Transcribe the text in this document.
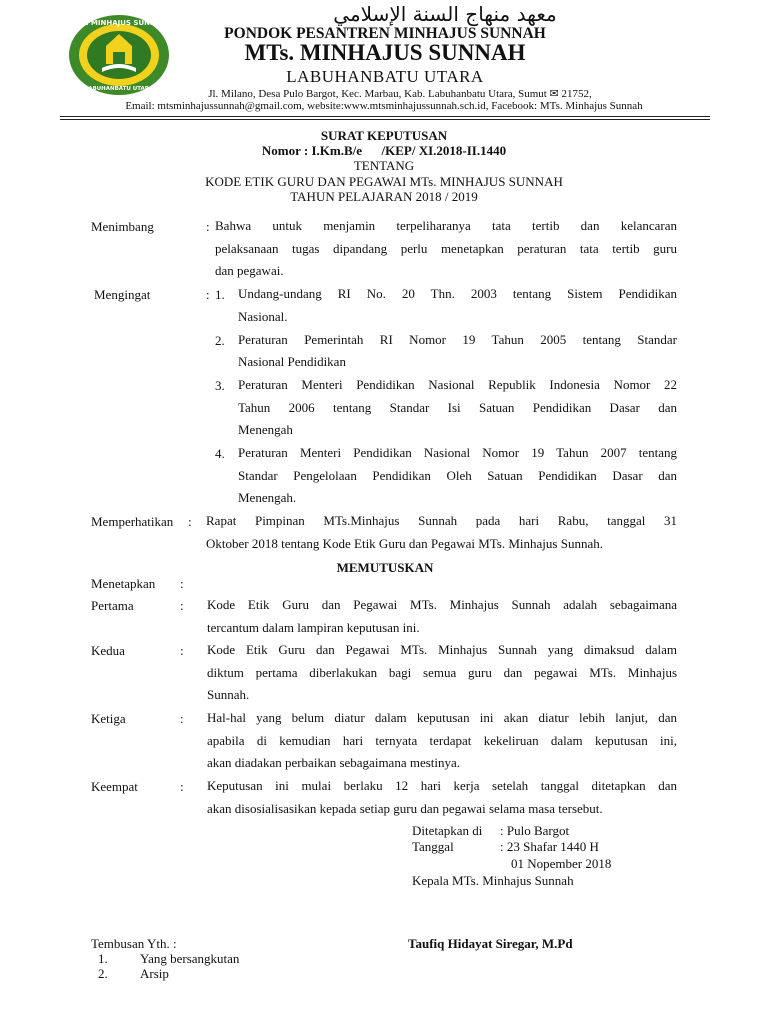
MTs. MINHAJUS SUNNAH
LABUHANBATU UTARA
معهد منهاج السنة الإسلامي
PONDOK PESANTREN MINHAJUS SUNNAH
MTs. MINHAJUS SUNNAH
LABUHANBATU UTARA
Jl. Milano, Desa Pulo Bargot, Kec. Marbau, Kab. Labuhanbatu Utara, Sumut ✉ 21752,
Email: mtsminhajussunnah@gmail.com, website:www.mtsminhajussunnah.sch.id, Facebook: MTs. Minhajus Sunnah
SURAT KEPUTUSAN
Nomor : I.Km.B/e      /KEP/ XI.2018-II.1440
TENTANG
KODE ETIK GURU DAN PEGAWAI MTs. MINHAJUS SUNNAH
TAHUN PELAJARAN 2018 / 2019
Menimbang	: Bahwa untuk menjamin terpeliharanya tata tertib dan kelancaran
pelaksanaan tugas dipandang perlu menetapkan peraturan tata tertib guru
dan pegawai.
Mengingat	: 1. Undang-undang RI No. 20 Thn. 2003 tentang Sistem Pendidikan
Nasional.
2. Peraturan Pemerintah RI Nomor 19 Tahun 2005 tentang Standar
Nasional Pendidikan
3. Peraturan Menteri Pendidikan Nasional Republik Indonesia Nomor 22
Tahun 2006 tentang Standar Isi Satuan Pendidikan Dasar dan
Menengah
4. Peraturan Menteri Pendidikan Nasional Nomor 19 Tahun 2007 tentang
Standar Pengelolaan Pendidikan Oleh Satuan Pendidikan Dasar dan
Menengah.
Memperhatikan : Rapat Pimpinan MTs.Minhajus Sunnah pada hari Rabu, tanggal 31
Oktober 2018 tentang Kode Etik Guru dan Pegawai MTs. Minhajus Sunnah.
MEMUTUSKAN
Menetapkan :
Pertama	: Kode Etik Guru dan Pegawai MTs. Minhajus Sunnah adalah sebagaimana
tercantum dalam lampiran keputusan ini.
Kedua	: Kode Etik Guru dan Pegawai MTs. Minhajus Sunnah yang dimaksud dalam
diktum pertama diberlakukan bagi semua guru dan pegawai MTs. Minhajus
Sunnah.
Ketiga	: Hal-hal yang belum diatur dalam keputusan ini akan diatur lebih lanjut, dan
apabila di kemudian hari ternyata terdapat kekeliruan dalam keputusan ini,
akan diadakan perbaikan sebagaimana mestinya.
Keempat	: Keputusan ini mulai berlaku 12 hari kerja setelah tanggal ditetapkan dan
akan disosialisasikan kepada setiap guru dan pegawai selama masa tersebut.
Ditetapkan di : Pulo Bargot
Tanggal	: 23 Shafar 1440 H
01 Nopember 2018
Kepala MTs. Minhajus Sunnah
Taufiq Hidayat Siregar, M.Pd
Tembusan Yth. :
1. Yang bersangkutan
2. Arsip
